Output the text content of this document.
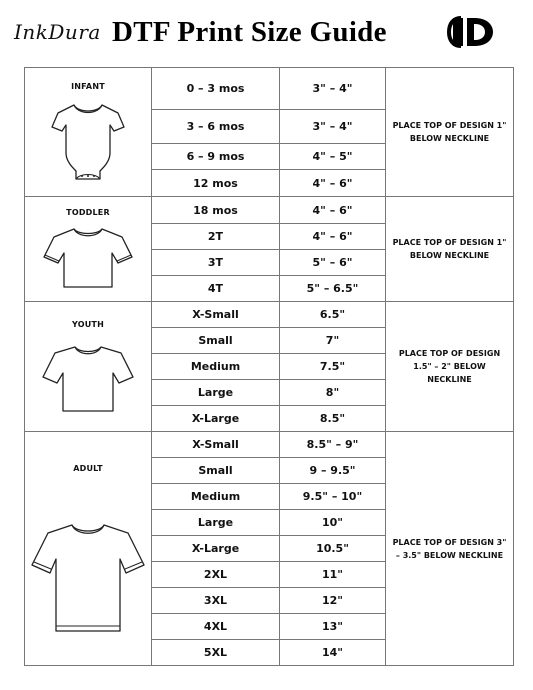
InkDura DTF Print Size Guide
INFANT	0 – 3 mos	3" – 4"	PLACE TOP OF DESIGN 1" BELOW NECKLINE
	3 – 6 mos	3" – 4"	
	6 – 9 mos	4" – 5"	
	12 mos	4" – 6"	

TODDLER	18 mos	4" – 6"	PLACE TOP OF DESIGN 1" BELOW NECKLINE
	2T	4" – 6"	
	3T	5" – 6"	
	4T	5" – 6.5"	

YOUTH	X-Small	6.5"	PLACE TOP OF DESIGN 1.5" – 2" BELOW NECKLINE
	Small	7"	
	Medium	7.5"	
	Large	8"	
	X-Large	8.5"	

ADULT	X-Small	8.5" – 9"	PLACE TOP OF DESIGN 3" – 3.5" BELOW NECKLINE
	Small	9 – 9.5"	
	Medium	9.5" – 10"	
	Large	10"	
	X-Large	10.5"	
	2XL	11"	
	3XL	12"	
	4XL	13"	
	5XL	14"	
